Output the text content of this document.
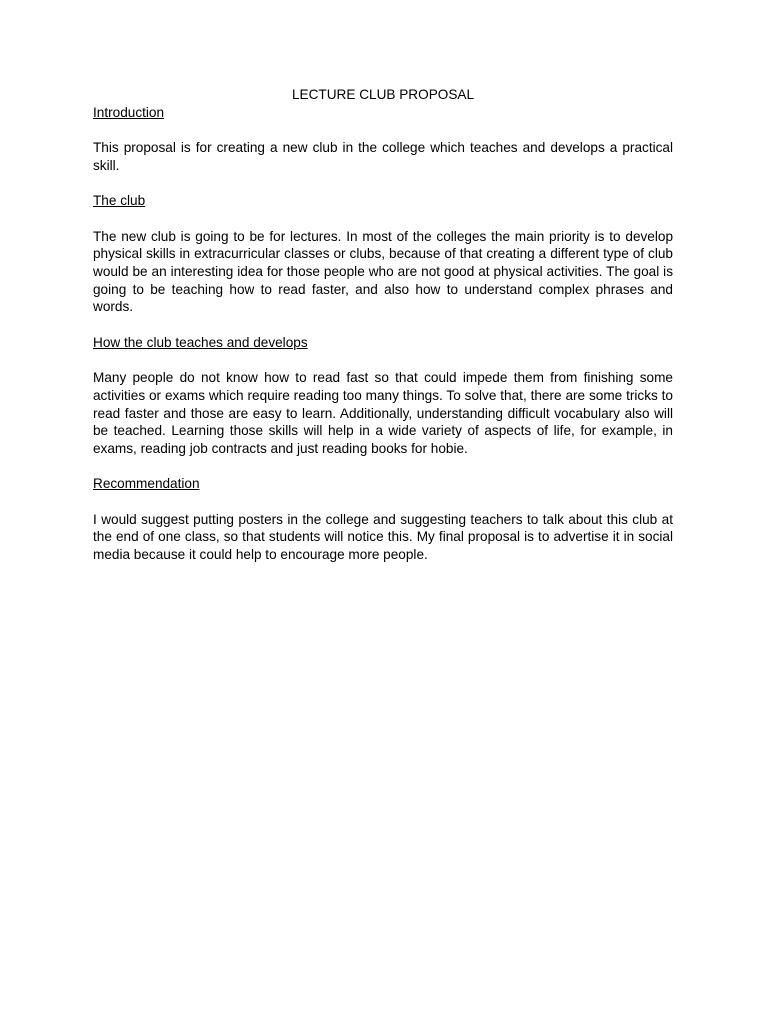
LECTURE CLUB PROPOSAL

Introduction

This proposal is for creating a new club in the college which teaches and develops a practical skill.

The club

The new club is going to be for lectures. In most of the colleges the main priority is to develop physical skills in extracurricular classes or clubs, because of that creating a different type of club would be an interesting idea for those people who are not good at physical activities. The goal is going to be teaching how to read faster, and also how to understand complex phrases and words.

How the club teaches and develops

Many people do not know how to read fast so that could impede them from finishing some activities or exams which require reading too many things. To solve that, there are some tricks to read faster and those are easy to learn. Additionally, understanding difficult vocabulary also will be teached. Learning those skills will help in a wide variety of aspects of life, for example, in exams, reading job contracts and just reading books for hobie.

Recommendation

I would suggest putting posters in the college and suggesting teachers to talk about this club at the end of one class, so that students will notice this. My final proposal is to advertise it in social media because it could help to encourage more people.
